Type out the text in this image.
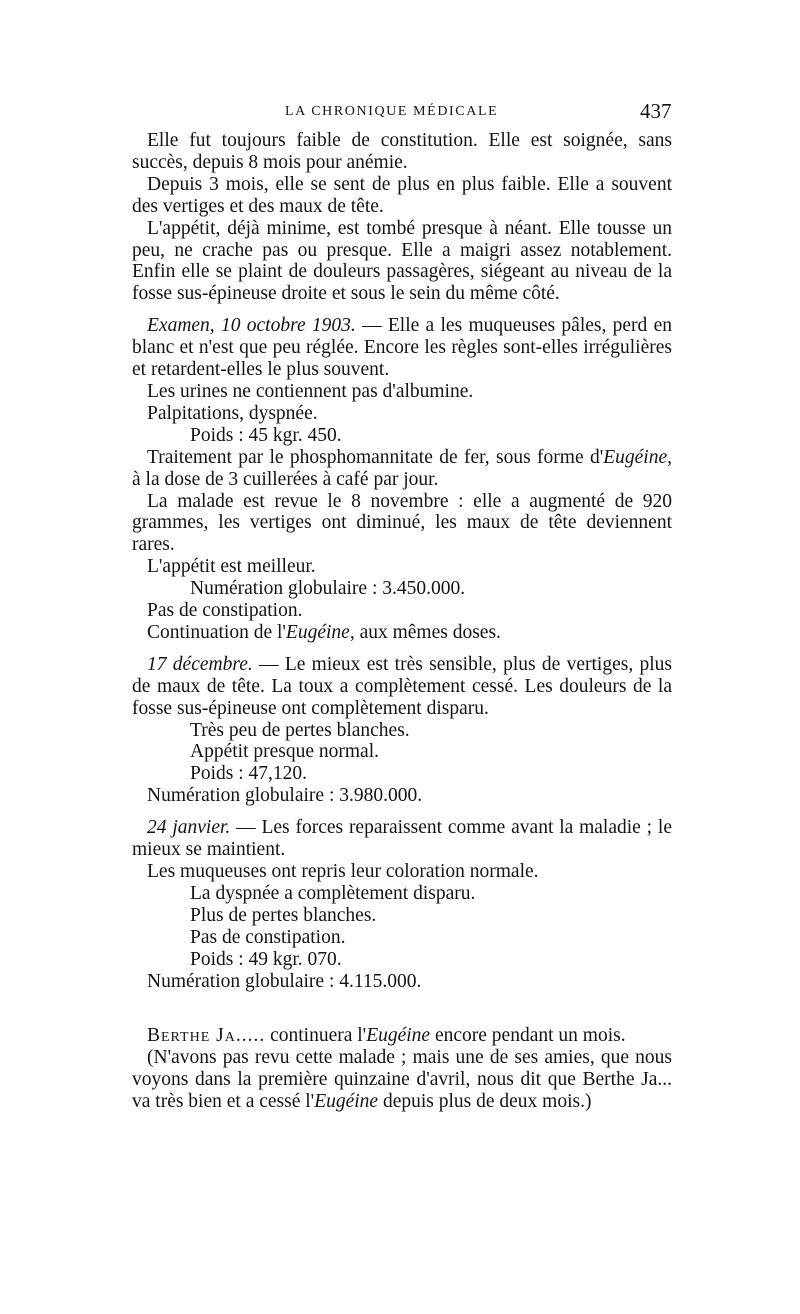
LA CHRONIQUE MÉDICALE	437
Elle fut toujours faible de constitution. Elle est soignée, sans succès, depuis 8 mois pour anémie.
Depuis 3 mois, elle se sent de plus en plus faible. Elle a souvent des vertiges et des maux de tête.
L'appétit, déjà minime, est tombé presque à néant. Elle tousse un peu, ne crache pas ou presque. Elle a maigri assez notablement. Enfin elle se plaint de douleurs passagères, siégeant au niveau de la fosse sus-épineuse droite et sous le sein du même côté.
Examen, 10 octobre 1903. — Elle a les muqueuses pâles, perd en blanc et n'est que peu réglée. Encore les règles sont-elles irrégulières et retardent-elles le plus souvent.
Les urines ne contiennent pas d'albumine.
Palpitations, dyspnée.
Poids : 45 kgr. 450.
Traitement par le phosphomannitate de fer, sous forme d'Eugéine, à la dose de 3 cuillerées à café par jour.
La malade est revue le 8 novembre : elle a augmenté de 920 grammes, les vertiges ont diminué, les maux de tête deviennent rares.
L'appétit est meilleur.
Numération globulaire : 3.450.000.
Pas de constipation.
Continuation de l'Eugéine, aux mêmes doses.
17 décembre. — Le mieux est très sensible, plus de vertiges, plus de maux de tête. La toux a complètement cessé. Les douleurs de la fosse sus-épineuse ont complètement disparu.
Très peu de pertes blanches.
Appétit presque normal.
Poids : 47,120.
Numération globulaire : 3.980.000.
24 janvier. — Les forces reparaissent comme avant la maladie ; le mieux se maintient.
Les muqueuses ont repris leur coloration normale.
La dyspnée a complètement disparu.
Plus de pertes blanches.
Pas de constipation.
Poids : 49 kgr. 070.
Numération globulaire : 4.115.000.
Berthe Ja..... continuera l'Eugéine encore pendant un mois.
(N'avons pas revu cette malade ; mais une de ses amies, que nous voyons dans la première quinzaine d'avril, nous dit que Berthe Ja... va très bien et a cessé l'Eugéine depuis plus de deux mois.)
